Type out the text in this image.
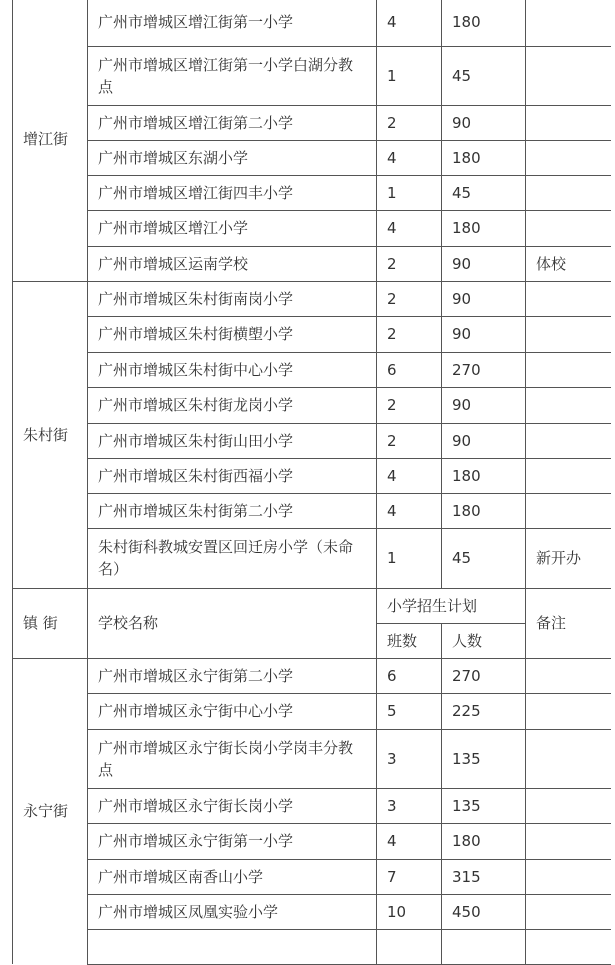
增江街	广州市增城区增江街第一小学	4	180	
	广州市增城区增江街第一小学白湖分教点	1	45	
	广州市增城区增江街第二小学	2	90	
	广州市增城区东湖小学	4	180	
	广州市增城区增江街四丰小学	1	45	
	广州市增城区增江小学	4	180	
	广州市增城区运南学校	2	90	体校
朱村街	广州市增城区朱村街南岗小学	2	90	
	广州市增城区朱村街横塱小学	2	90	
	广州市增城区朱村街中心小学	6	270	
	广州市增城区朱村街龙岗小学	2	90	
	广州市增城区朱村街山田小学	2	90	
	广州市增城区朱村街西福小学	4	180	
	广州市增城区朱村街第二小学	4	180	
	朱村街科教城安置区回迁房小学（未命名）	1	45	新开办
镇 街	学校名称	小学招生计划		备注
		班数	人数	
永宁街	广州市增城区永宁街第二小学	6	270	
	广州市增城区永宁街中心小学	5	225	
	广州市增城区永宁街长岗小学岗丰分教点	3	135	
	广州市增城区永宁街长岗小学	3	135	
	广州市增城区永宁街第一小学	4	180	
	广州市增城区南香山小学	7	315	
	广州市增城区凤凰实验小学	10	450	
